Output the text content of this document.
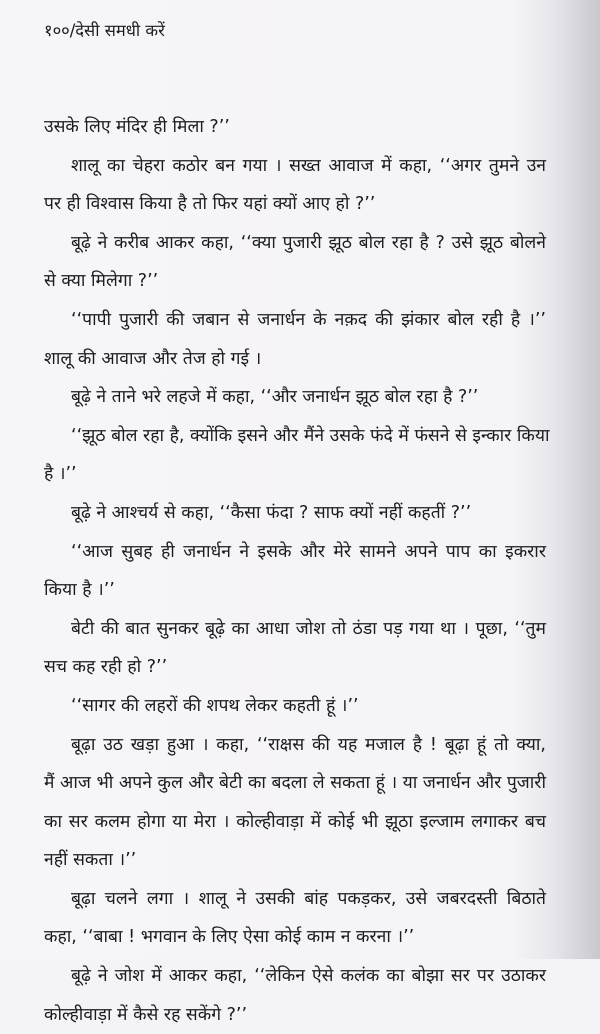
१००/देसी समधी करें
उसके लिए मंदिर ही मिला ?’’
शालू का चेहरा कठोर बन गया । सख्त आवाज में कहा, ‘‘अगर तुमने उन
पर ही विश्वास किया है तो फिर यहां क्यों आए हो ?’’
बूढ़े ने करीब आकर कहा, ‘‘क्या पुजारी झूठ बोल रहा है ? उसे झूठ बोलने
से क्या मिलेगा ?’’
‘‘पापी पुजारी की जबान से जनार्धन के नक़द की झंकार बोल रही है ।’’
शालू की आवाज और तेज हो गई ।
बूढ़े ने ताने भरे लहजे में कहा, ‘‘और जनार्धन झूठ बोल रहा है ?’’
‘‘झूठ बोल रहा है, क्योंकि इसने और मैंने उसके फंदे में फंसने से इन्कार किया
है ।’’
बूढ़े ने आश्चर्य से कहा, ‘‘कैसा फंदा ? साफ क्यों नहीं कहतीं ?’’
‘‘आज सुबह ही जनार्धन ने इसके और मेरे सामने अपने पाप का इकरार
किया है ।’’
बेटी की बात सुनकर बूढ़े का आधा जोश तो ठंडा पड़ गया था । पूछा, ‘‘तुम
सच कह रही हो ?’’
‘‘सागर की लहरों की शपथ लेकर कहती हूं ।’’
बूढ़ा उठ खड़ा हुआ । कहा, ‘‘राक्षस की यह मजाल है ! बूढ़ा हूं तो क्या,
मैं आज भी अपने कुल और बेटी का बदला ले सकता हूं । या जनार्धन और पुजारी
का सर कलम होगा या मेरा । कोल्हीवाड़ा में कोई भी झूठा इल्जाम लगाकर बच
नहीं सकता ।’’
बूढ़ा चलने लगा । शालू ने उसकी बांह पकड़कर, उसे जबरदस्ती बिठाते
कहा, ‘‘बाबा ! भगवान के लिए ऐसा कोई काम न करना ।’’
बूढ़े ने जोश में आकर कहा, ‘‘लेकिन ऐसे कलंक का बोझा सर पर उठाकर
कोल्हीवाड़ा में कैसे रह सकेंगे ?’’
